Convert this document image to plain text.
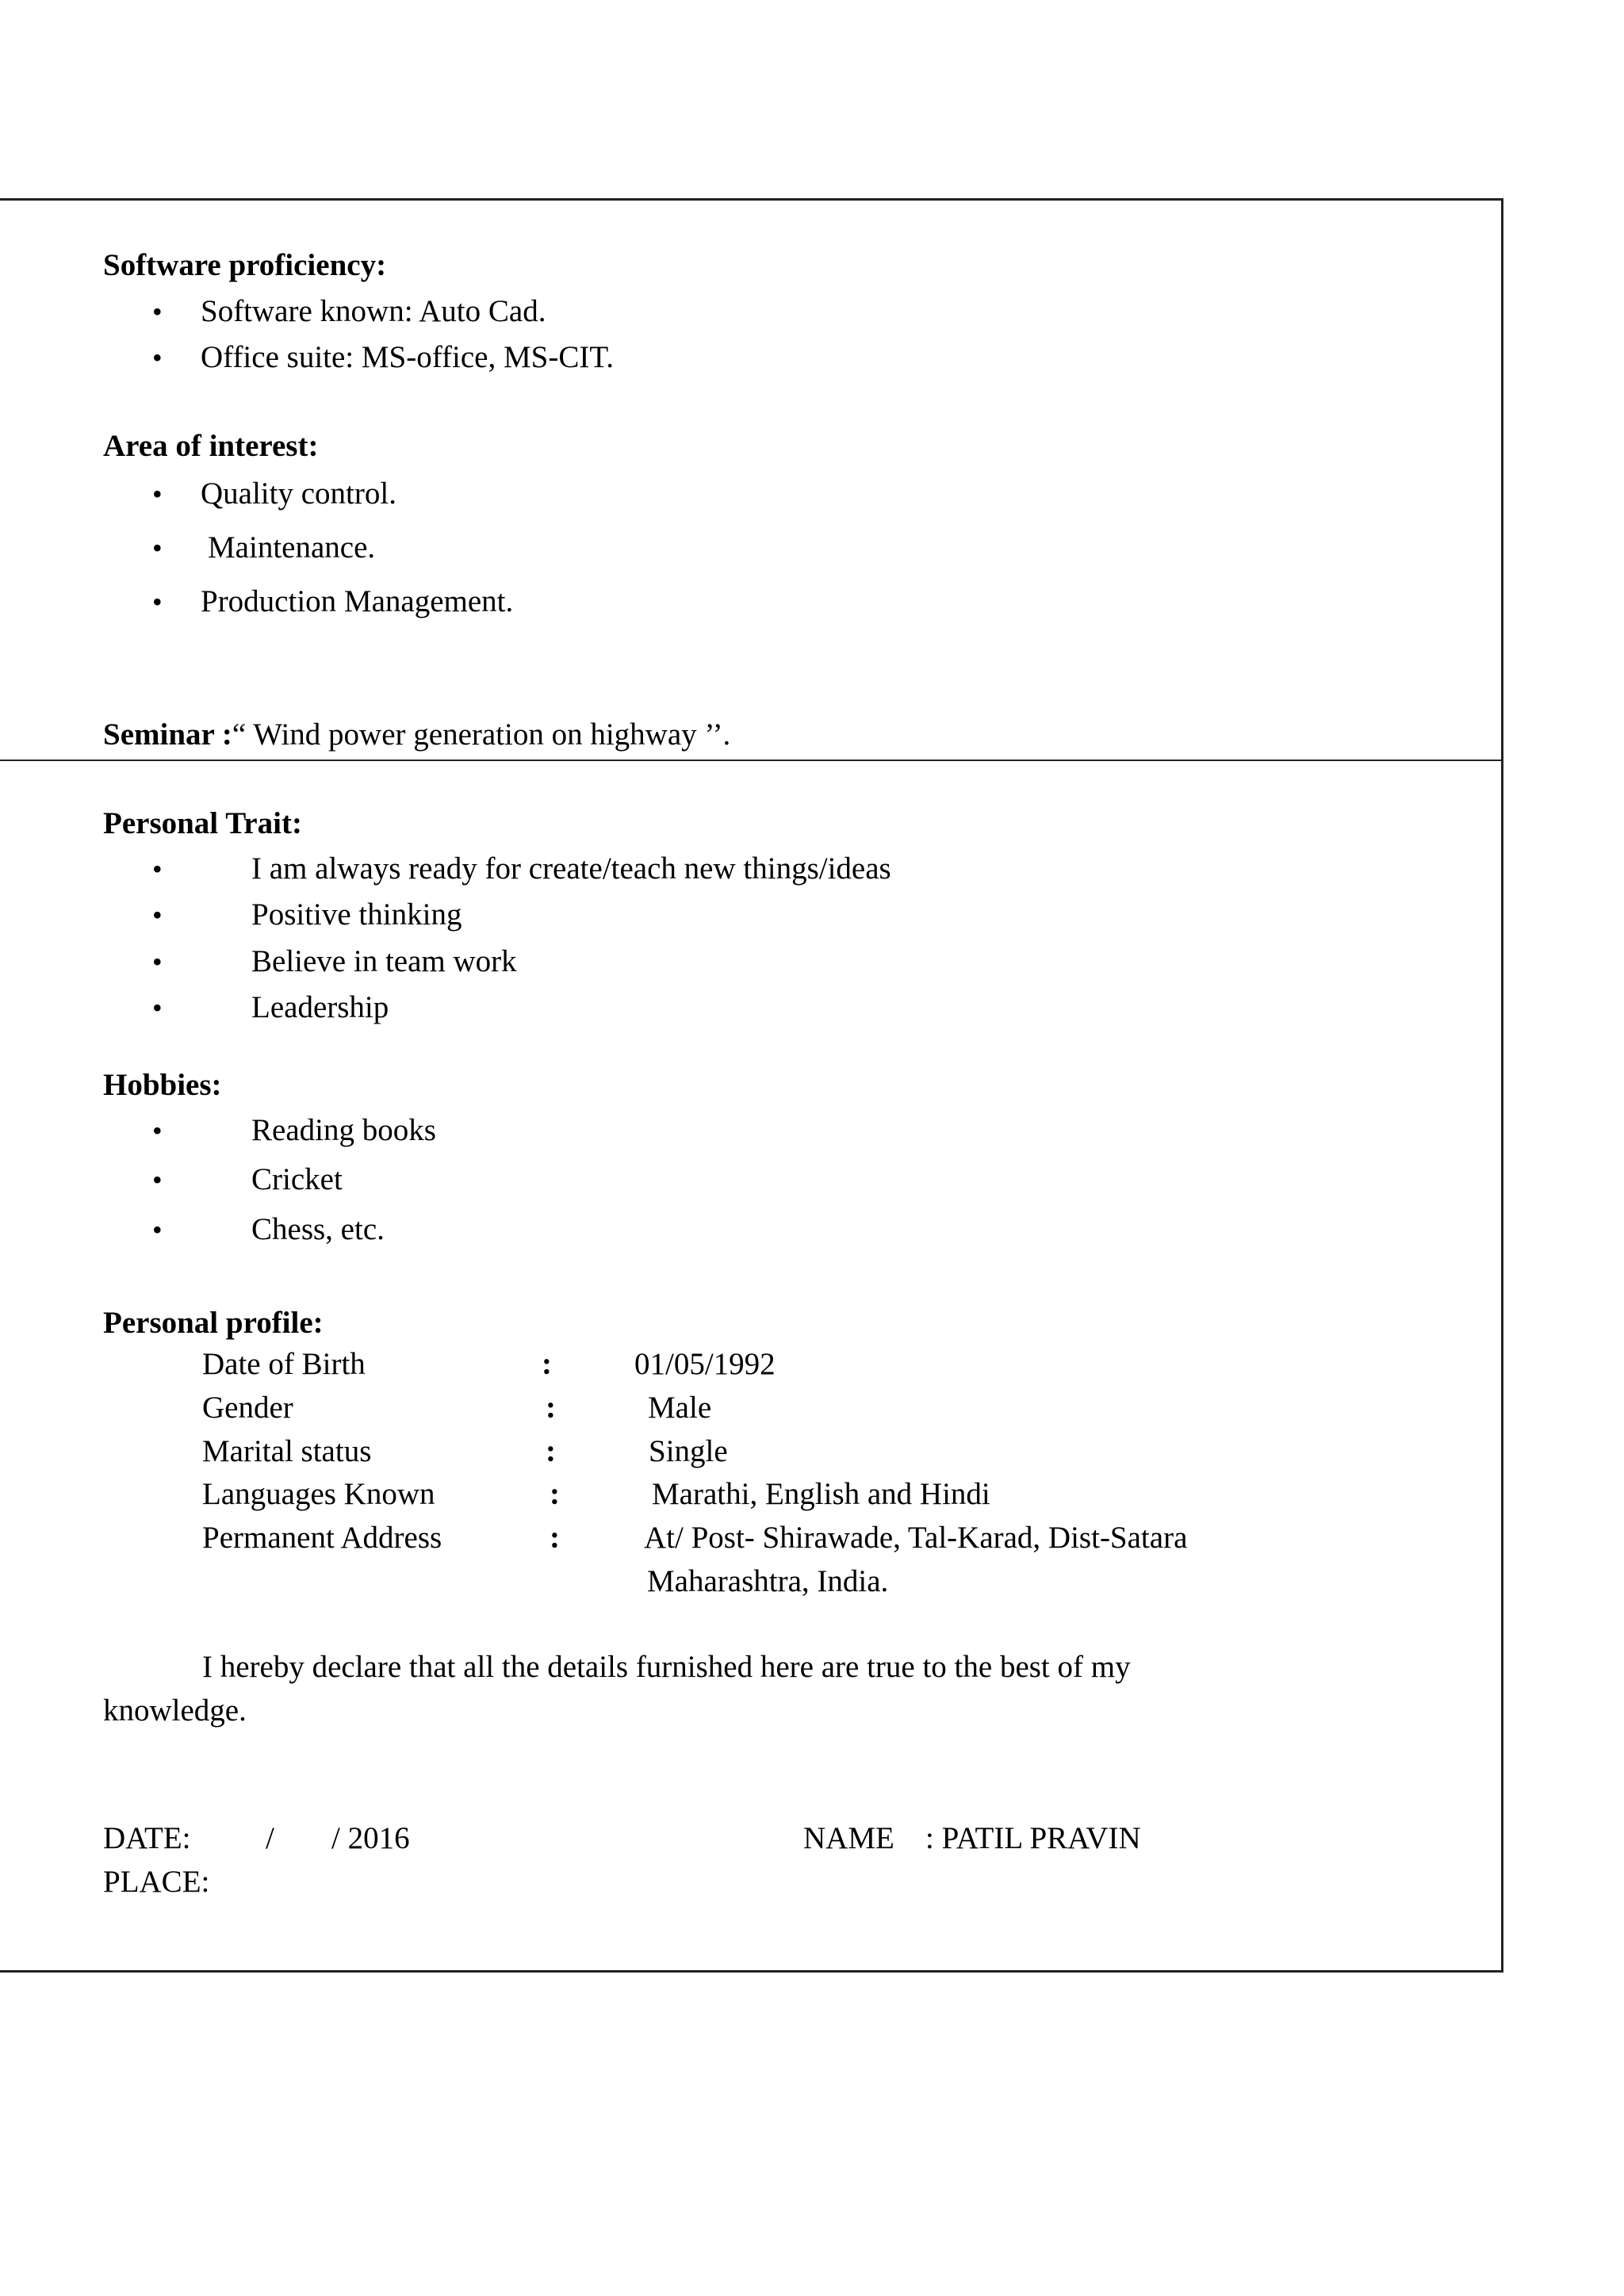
Software proficiency:
• Software known: Auto Cad.
• Office suite: MS-office, MS-CIT.
Area of interest:
• Quality control.
• Maintenance.
• Production Management.
Seminar :“ Wind power generation on highway ’’.
Personal Trait:
•	I am always ready for create/teach new things/ideas
•	Positive thinking
•	Believe in team work
•	Leadership
Hobbies:
•	Reading books
•	Cricket
•	Chess, etc.
Personal profile:
Date of Birth	:	01/05/1992
Gender	:	Male
Marital status	:	Single
Languages Known	:	Marathi, English and Hindi
Permanent Address	:	At/ Post- Shirawade, Tal-Karad, Dist-Satara
Maharashtra, India.
I hereby declare that all the details furnished here are true to the best of my
knowledge.
DATE: / / 2016	NAME : PATIL PRAVIN
PLACE:
